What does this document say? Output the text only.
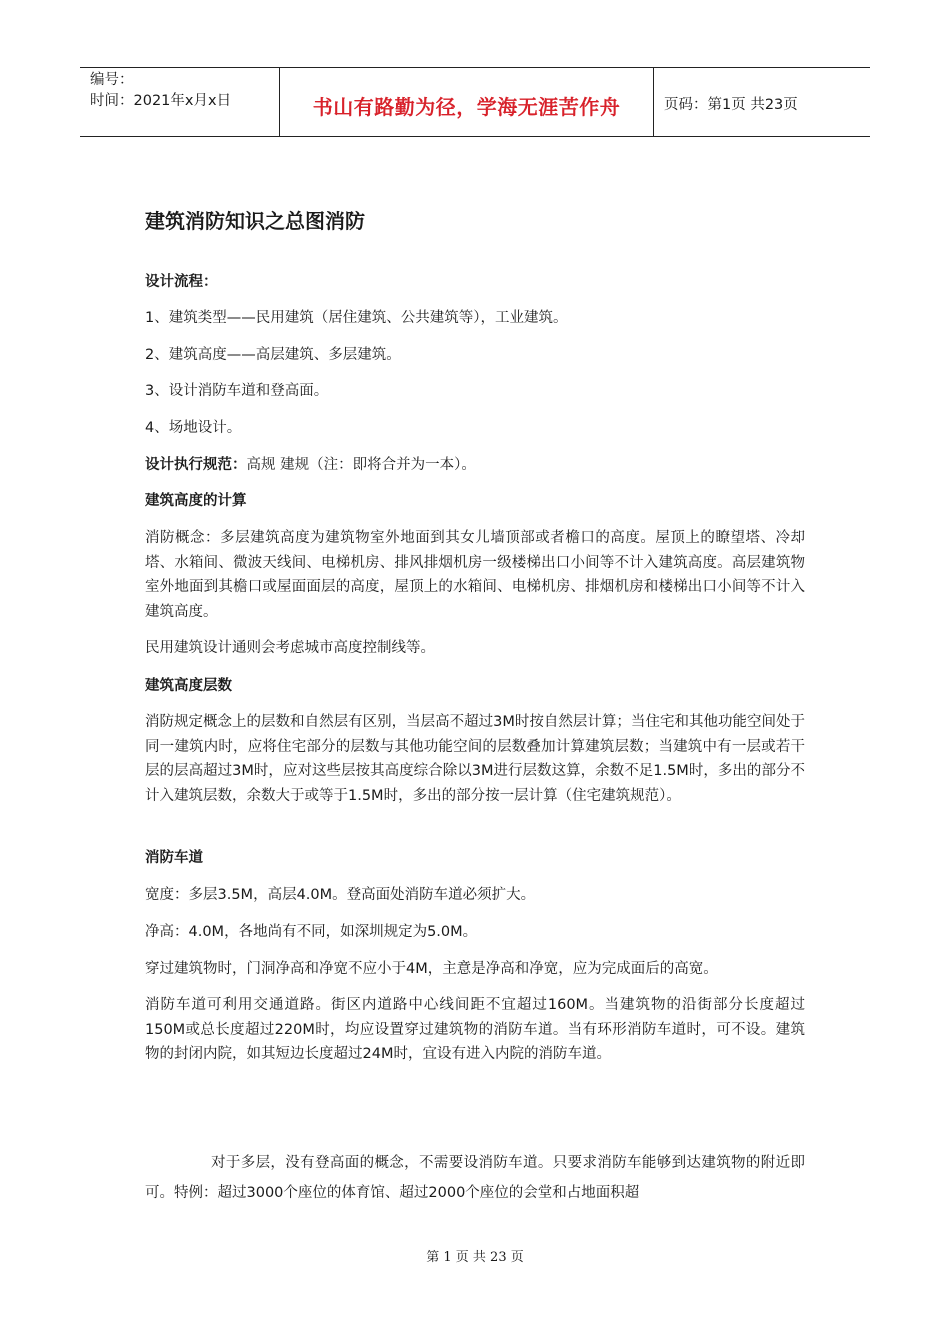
编号：
时间：2021年x月x日	书山有路勤为径，学海无涯苦作舟	页码：第1页 共23页
建筑消防知识之总图消防

设计流程：

1、建筑类型——民用建筑（居住建筑、公共建筑等），工业建筑。

2、建筑高度——高层建筑、多层建筑。

3、设计消防车道和登高面。

4、场地设计。

设计执行规范：高规 建规（注：即将合并为一本）。

建筑高度的计算

消防概念：多层建筑高度为建筑物室外地面到其女儿墙顶部或者檐口的高度。屋顶上的瞭望塔、冷却塔、水箱间、微波天线间、电梯机房、排风排烟机房一级楼梯出口小间等不计入建筑高度。高层建筑物室外地面到其檐口或屋面面层的高度，屋顶上的水箱间、电梯机房、排烟机房和楼梯出口小间等不计入建筑高度。

民用建筑设计通则会考虑城市高度控制线等。

建筑高度层数

消防规定概念上的层数和自然层有区别，当层高不超过3M时按自然层计算；当住宅和其他功能空间处于同一建筑内时，应将住宅部分的层数与其他功能空间的层数叠加计算建筑层数；当建筑中有一层或若干层的层高超过3M时，应对这些层按其高度综合除以3M进行层数这算，余数不足1.5M时，多出的部分不计入建筑层数，余数大于或等于1.5M时，多出的部分按一层计算（住宅建筑规范）。

消防车道

宽度：多层3.5M，高层4.0M。登高面处消防车道必须扩大。

净高：4.0M，各地尚有不同，如深圳规定为5.0M。

穿过建筑物时，门洞净高和净宽不应小于4M，主意是净高和净宽，应为完成面后的高宽。

消防车道可利用交通道路。街区内道路中心线间距不宜超过160M。当建筑物的沿街部分长度超过150M或总长度超过220M时，均应设置穿过建筑物的消防车道。当有环形消防车道时，可不设。建筑物的封闭内院，如其短边长度超过24M时，宜设有进入内院的消防车道。

对于多层，没有登高面的概念，不需要设消防车道。只要求消防车能够到达建筑物的附近即可。特例：超过3000个座位的体育馆、超过2000个座位的会堂和占地面积超

第 1 页 共 23 页
